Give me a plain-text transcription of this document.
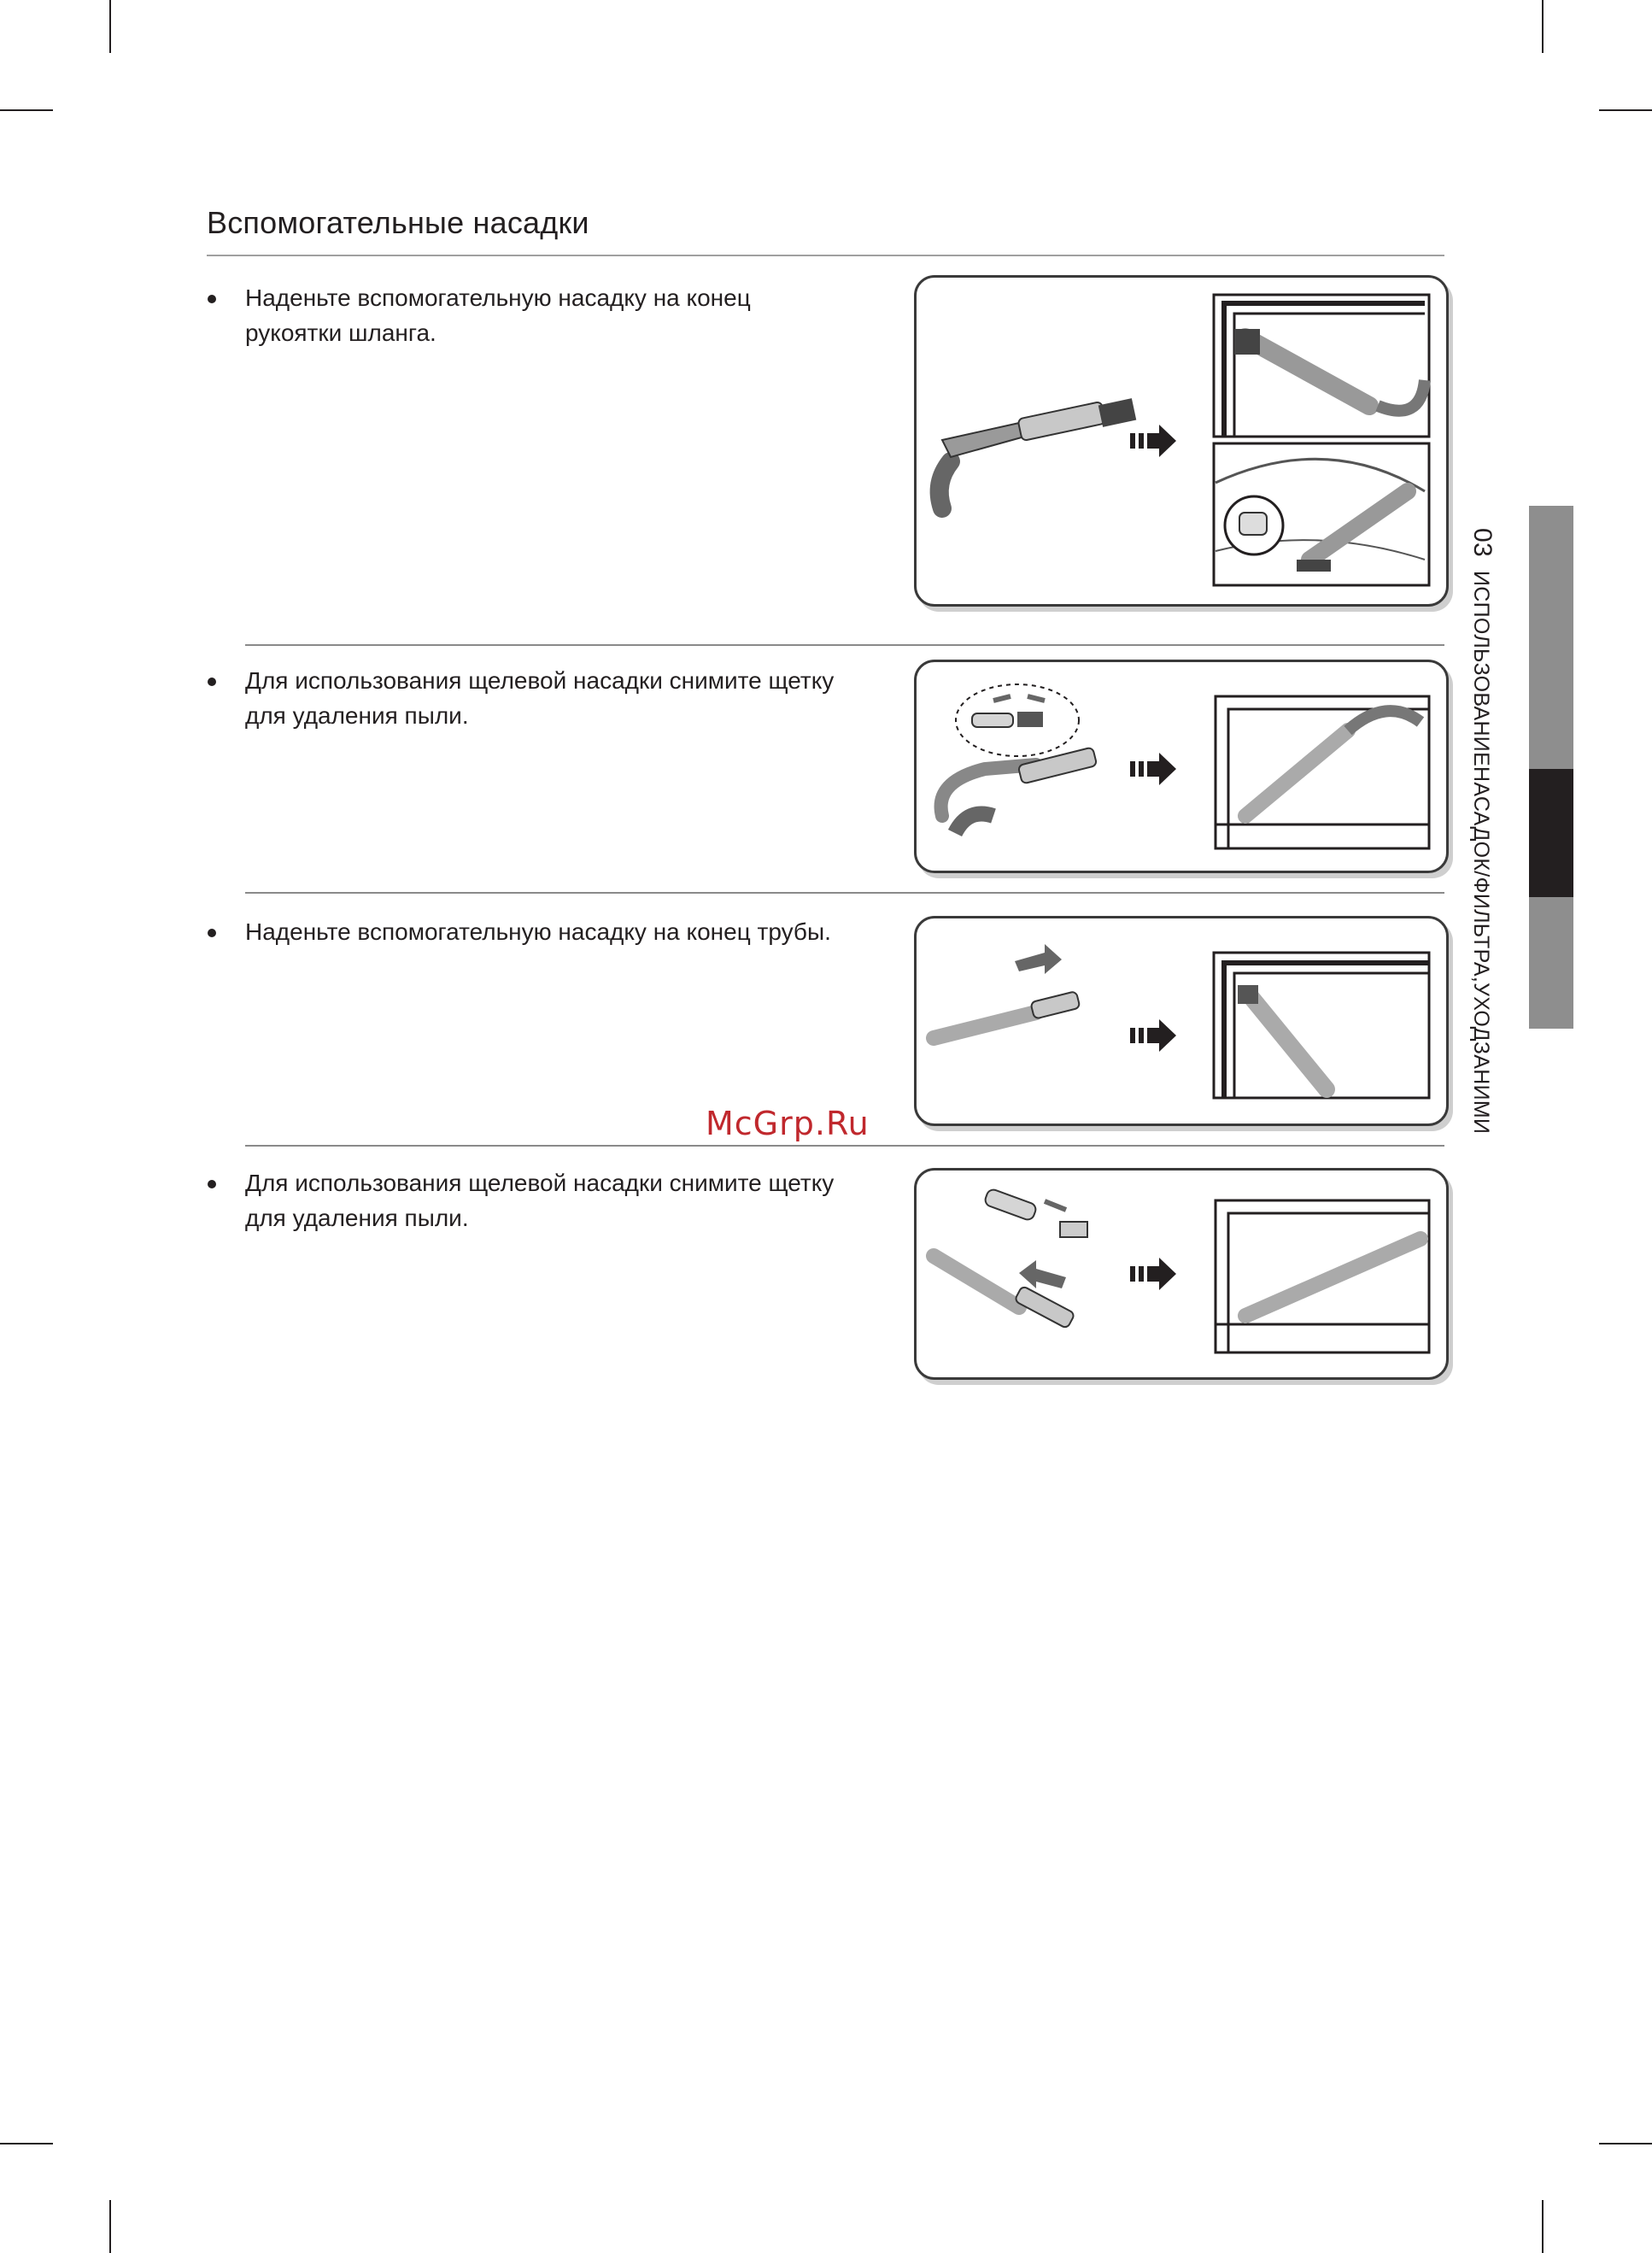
Вспомогательные насадки
Наденьте вспомогательную насадку на конец рукоятки шланга.
Для использования щелевой насадки снимите щетку для удаления пыли.
Наденьте вспомогательную насадку на конец трубы.
Для использования щелевой насадки снимите щетку для удаления пыли.
03ИСПОЛЬЗОВАНИЕНАСАДОК/ФИЛЬТРА,УХОДЗАНИМИ
McGrp.Ru
